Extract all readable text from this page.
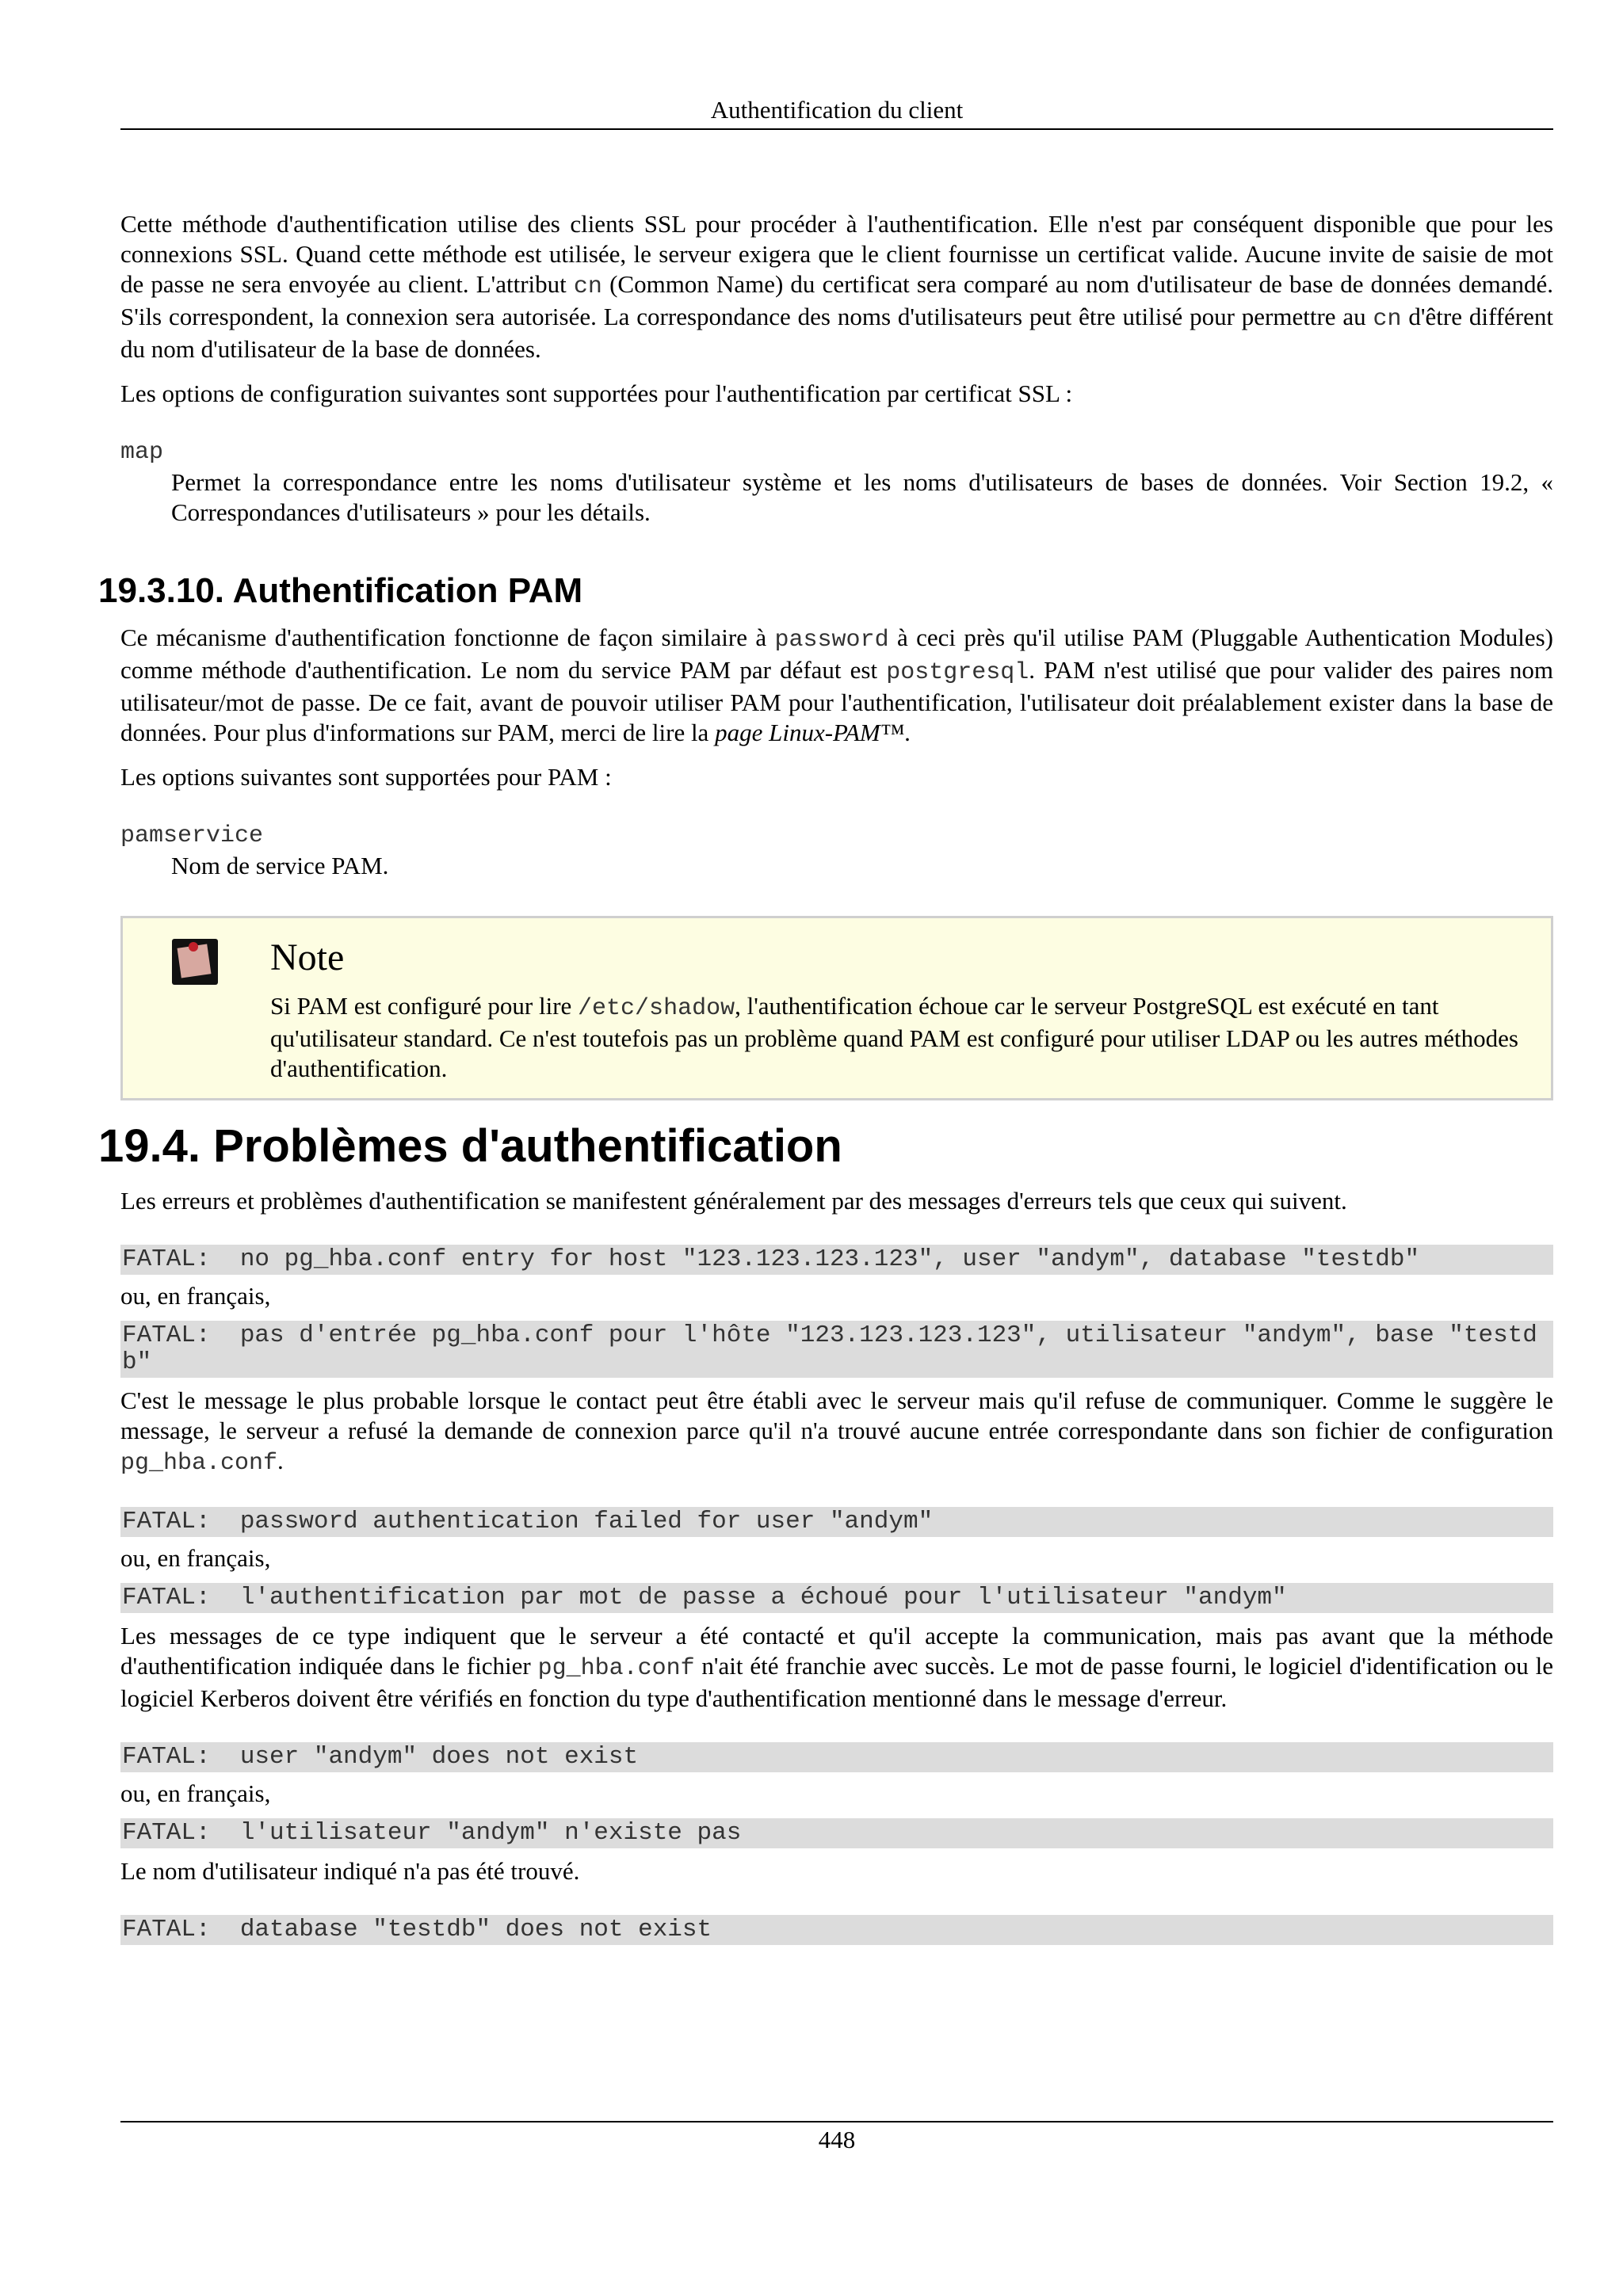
Authentification du client

Cette méthode d'authentification utilise des clients SSL pour procéder à l'authentification. Elle n'est par conséquent disponible que pour les connexions SSL. Quand cette méthode est utilisée, le serveur exigera que le client fournisse un certificat valide. Aucune invite de saisie de mot de passe ne sera envoyée au client. L'attribut cn (Common Name) du certificat sera comparé au nom d'utilisateur de base de données demandé. S'ils correspondent, la connexion sera autorisée. La correspondance des noms d'utilisateurs peut être utilisé pour permettre au cn d'être différent du nom d'utilisateur de la base de données.

Les options de configuration suivantes sont supportées pour l'authentification par certificat SSL :

map
Permet la correspondance entre les noms d'utilisateur système et les noms d'utilisateurs de bases de données. Voir Section 19.2, « Correspondances d'utilisateurs » pour les détails.
19.3.10. Authentification PAM

Ce mécanisme d'authentification fonctionne de façon similaire à password à ceci près qu'il utilise PAM (Pluggable Authentication Modules) comme méthode d'authentification. Le nom du service PAM par défaut est postgresql. PAM n'est utilisé que pour valider des paires nom utilisateur/mot de passe. De ce fait, avant de pouvoir utiliser PAM pour l'authentification, l'utilisateur doit préalablement exister dans la base de données. Pour plus d'informations sur PAM, merci de lire la page Linux-PAM™.

Les options suivantes sont supportées pour PAM :

pamservice
Nom de service PAM.
Note

Si PAM est configuré pour lire /etc/shadow, l'authentification échoue car le serveur PostgreSQL est exécuté en tant qu'utilisateur standard. Ce n'est toutefois pas un problème quand PAM est configuré pour utiliser LDAP ou les autres méthodes d'authentification.

19.4. Problèmes d'authentification

Les erreurs et problèmes d'authentification se manifestent généralement par des messages d'erreurs tels que ceux qui suivent.

FATAL:  no pg_hba.conf entry for host "123.123.123.123", user "andym", database "testdb"

ou, en français,

FATAL:  pas d'entrée pg_hba.conf pour l'hôte "123.123.123.123", utilisateur "andym", base "testdb"

C'est le message le plus probable lorsque le contact peut être établi avec le serveur mais qu'il refuse de communiquer. Comme le suggère le message, le serveur a refusé la demande de connexion parce qu'il n'a trouvé aucune entrée correspondante dans son fichier de configuration pg_hba.conf.

FATAL:  password authentication failed for user "andym"

ou, en français,

FATAL:  l'authentification par mot de passe a échoué pour l'utilisateur "andym"

Les messages de ce type indiquent que le serveur a été contacté et qu'il accepte la communication, mais pas avant que la méthode d'authentification indiquée dans le fichier pg_hba.conf n'ait été franchie avec succès. Le mot de passe fourni, le logiciel d'identification ou le logiciel Kerberos doivent être vérifiés en fonction du type d'authentification mentionné dans le message d'erreur.

FATAL:  user "andym" does not exist

ou, en français,

FATAL:  l'utilisateur "andym" n'existe pas

Le nom d'utilisateur indiqué n'a pas été trouvé.

FATAL:  database "testdb" does not exist
448
